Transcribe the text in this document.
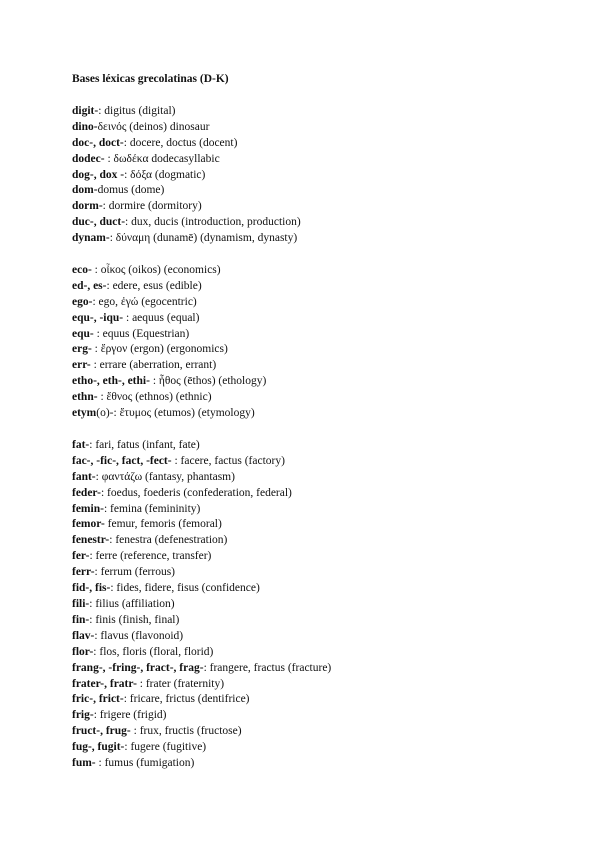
Bases léxicas grecolatinas (D-K)
digit-: digitus (digital)
dino-δεινός (deinos) dinosaur
doc-, doct-: docere, doctus (docent)
dodec- : δωδέκα dodecasyllabic
dog-, dox -: δόξα (dogmatic)
dom-domus (dome)
dorm-: dormire (dormitory)
duc-, duct-: dux, ducis (introduction, production)
dynam-: δύναμη (dunamē) (dynamism, dynasty)
eco- : οἶκος (oikos) (economics)
ed-, es-: edere, esus (edible)
ego-: ego, ἐγώ (egocentric)
equ-, -iqu- : aequus (equal)
equ- : equus (Equestrian)
erg- : ἔργον (ergon) (ergonomics)
err- : errare (aberration, errant)
etho-, eth-, ethi- : ἦθος (ēthos) (ethology)
ethn- : ἔθνος (ethnos) (ethnic)
etym(o)-: ἔτυμος (etumos) (etymology)
fat-: fari, fatus (infant, fate)
fac-, -fic-, fact, -fect- : facere, factus (factory)
fant-: φαντάζω (fantasy, phantasm)
feder-: foedus, foederis (confederation, federal)
femin-: femina (femininity)
femor- femur, femoris (femoral)
fenestr-: fenestra (defenestration)
fer-: ferre (reference, transfer)
ferr-: ferrum (ferrous)
fid-, fis-: fides, fidere, fisus (confidence)
fili-: filius (affiliation)
fin-: finis (finish, final)
flav-: flavus (flavonoid)
flor-: flos, floris (floral, florid)
frang-, -fring-, fract-, frag-: frangere, fractus (fracture)
frater-, fratr- : frater (fraternity)
fric-, frict-: fricare, frictus (dentifrice)
frig-: frigere (frigid)
fruct-, frug- : frux, fructis (fructose)
fug-, fugit-: fugere (fugitive)
fum- : fumus (fumigation)
